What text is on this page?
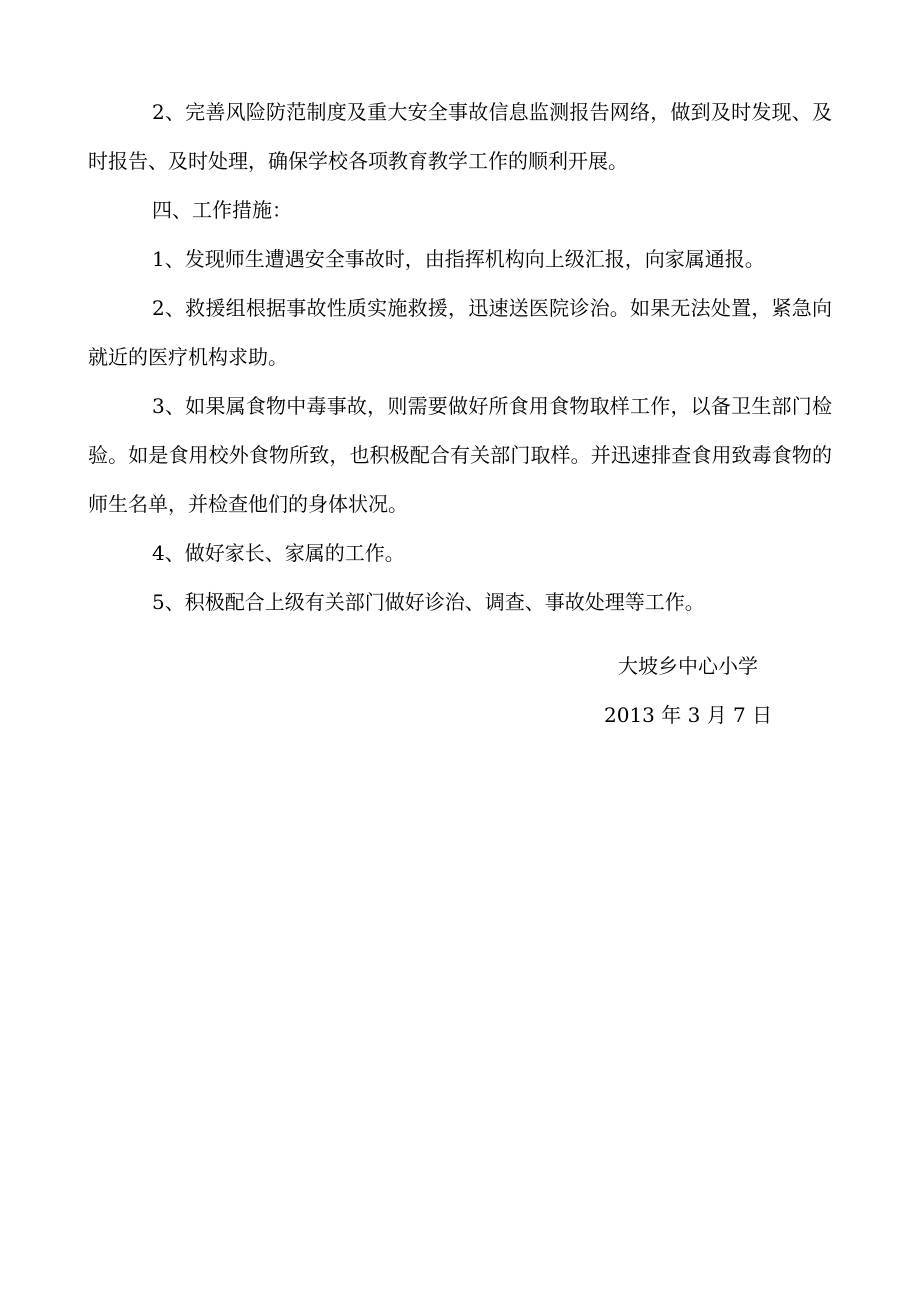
2、完善风险防范制度及重大安全事故信息监测报告网络，做到及时发现、及时报告、及时处理，确保学校各项教育教学工作的顺利开展。

四、工作措施：

1、发现师生遭遇安全事故时，由指挥机构向上级汇报，向家属通报。

2、救援组根据事故性质实施救援，迅速送医院诊治。如果无法处置，紧急向就近的医疗机构求助。

3、如果属食物中毒事故，则需要做好所食用食物取样工作，以备卫生部门检验。如是食用校外食物所致，也积极配合有关部门取样。并迅速排查食用致毒食物的师生名单，并检查他们的身体状况。

4、做好家长、家属的工作。

5、积极配合上级有关部门做好诊治、调查、事故处理等工作。

大坡乡中心小学

2013 年 3 月 7 日
